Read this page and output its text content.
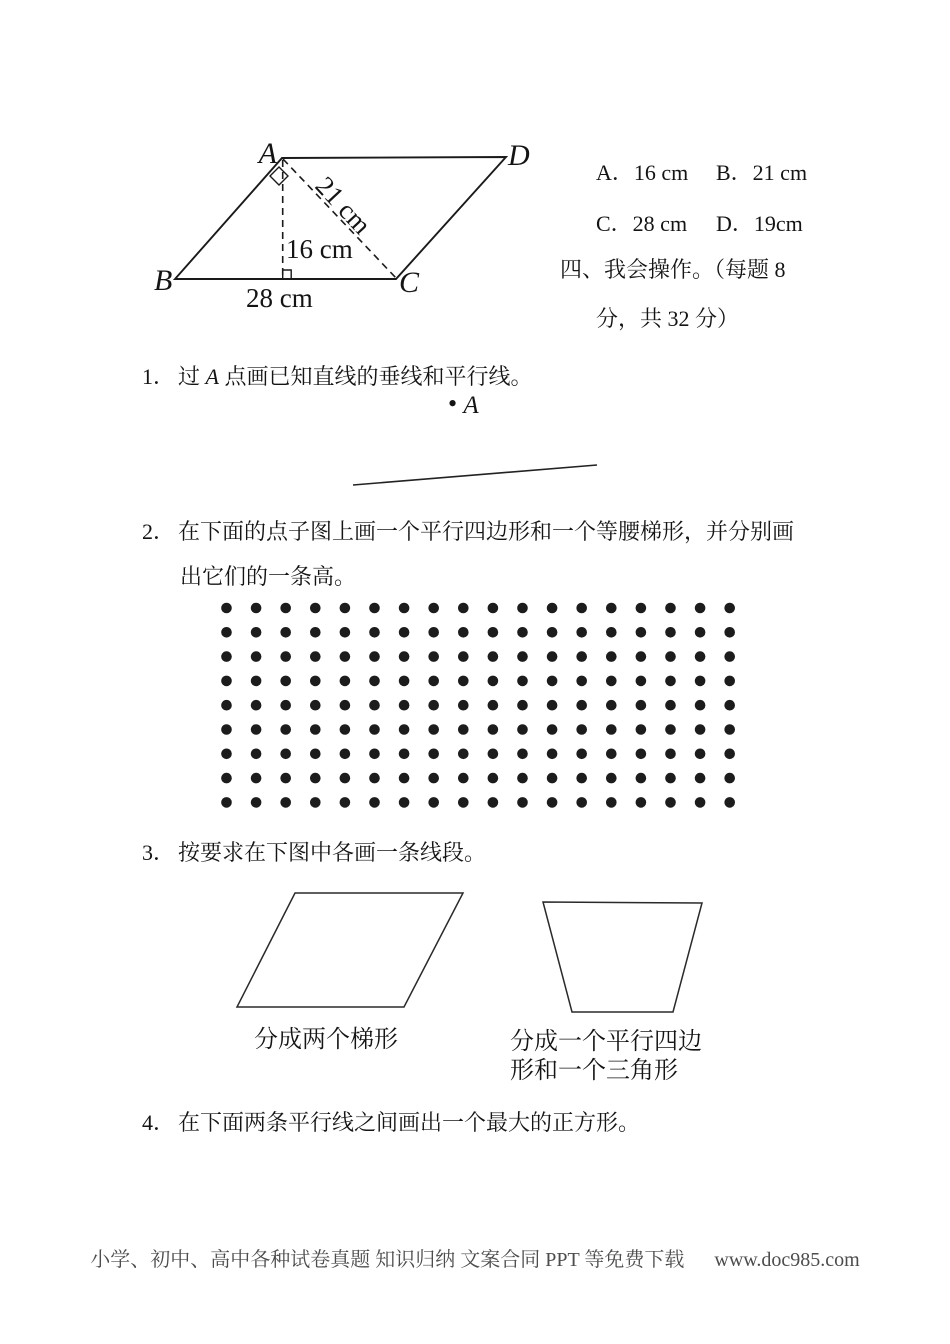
A	D
B	C
21 cm
16 cm
28 cm
A．16 cm	B．21 cm
C．28 cm	D．19cm
四、我会操作。（每题 8
分，共 32 分）
1． 过 A 点画已知直线的垂线和平行线。
• A
2． 在下面的点子图上画一个平行四边形和一个等腰梯形，并分别画
出它们的一条高。
3． 按要求在下图中各画一条线段。
分成两个梯形	分成一个平行四边
形和一个三角形
4． 在下面两条平行线之间画出一个最大的正方形。
小学、初中、高中各种试卷真题 知识归纳 文案合同 PPT 等免费下载 www.doc985.com
